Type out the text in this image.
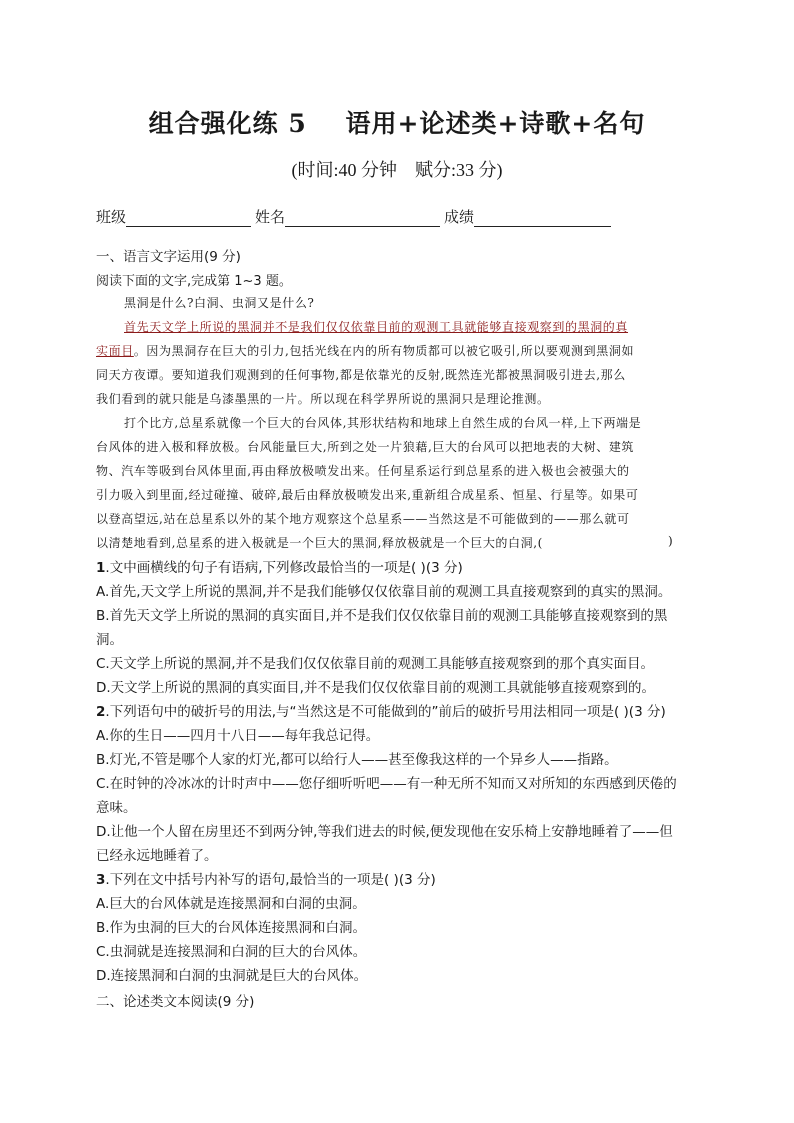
组合强化练 5    语用+论述类+诗歌+名句
(时间:40 分钟    赋分:33 分)
班级	姓名	成绩
一、语言文字运用(9 分)
阅读下面的文字,完成第 1~3 题。
黑洞是什么?白洞、虫洞又是什么?
首先天文学上所说的黑洞并不是我们仅仅依靠目前的观测工具就能够直接观察到的黑洞的真
实面目。因为黑洞存在巨大的引力,包括光线在内的所有物质都可以被它吸引,所以要观测到黑洞如
同天方夜谭。要知道我们观测到的任何事物,都是依靠光的反射,既然连光都被黑洞吸引进去,那么
我们看到的就只能是乌漆墨黑的一片。所以现在科学界所说的黑洞只是理论推测。
打个比方,总星系就像一个巨大的台风体,其形状结构和地球上自然生成的台风一样,上下两端是
台风体的进入极和释放极。台风能量巨大,所到之处一片狼藉,巨大的台风可以把地表的大树、建筑
物、汽车等吸到台风体里面,再由释放极喷发出来。任何星系运行到总星系的进入极也会被强大的
引力吸入到里面,经过碰撞、破碎,最后由释放极喷发出来,重新组合成星系、恒星、行星等。如果可
以登高望远,站在总星系以外的某个地方观察这个总星系——当然这是不可能做到的——那么就可
以清楚地看到,总星系的进入极就是一个巨大的黑洞,释放极就是一个巨大的白洞,(	)
1.文中画横线的句子有语病,下列修改最恰当的一项是( )(3 分)
A.首先,天文学上所说的黑洞,并不是我们能够仅仅依靠目前的观测工具直接观察到的真实的黑洞。
B.首先天文学上所说的黑洞的真实面目,并不是我们仅仅依靠目前的观测工具能够直接观察到的黑
洞。
C.天文学上所说的黑洞,并不是我们仅仅依靠目前的观测工具能够直接观察到的那个真实面目。
D.天文学上所说的黑洞的真实面目,并不是我们仅仅依靠目前的观测工具就能够直接观察到的。
2.下列语句中的破折号的用法,与“当然这是不可能做到的”前后的破折号用法相同一项是( )(3 分)
A.你的生日——四月十八日——每年我总记得。
B.灯光,不管是哪个人家的灯光,都可以给行人——甚至像我这样的一个异乡人——指路。
C.在时钟的冷冰冰的计时声中——您仔细听听吧——有一种无所不知而又对所知的东西感到厌倦的
意味。
D.让他一个人留在房里还不到两分钟,等我们进去的时候,便发现他在安乐椅上安静地睡着了——但
已经永远地睡着了。
3.下列在文中括号内补写的语句,最恰当的一项是( )(3 分)
A.巨大的台风体就是连接黑洞和白洞的虫洞。
B.作为虫洞的巨大的台风体连接黑洞和白洞。
C.虫洞就是连接黑洞和白洞的巨大的台风体。
D.连接黑洞和白洞的虫洞就是巨大的台风体。
二、论述类文本阅读(9 分)
